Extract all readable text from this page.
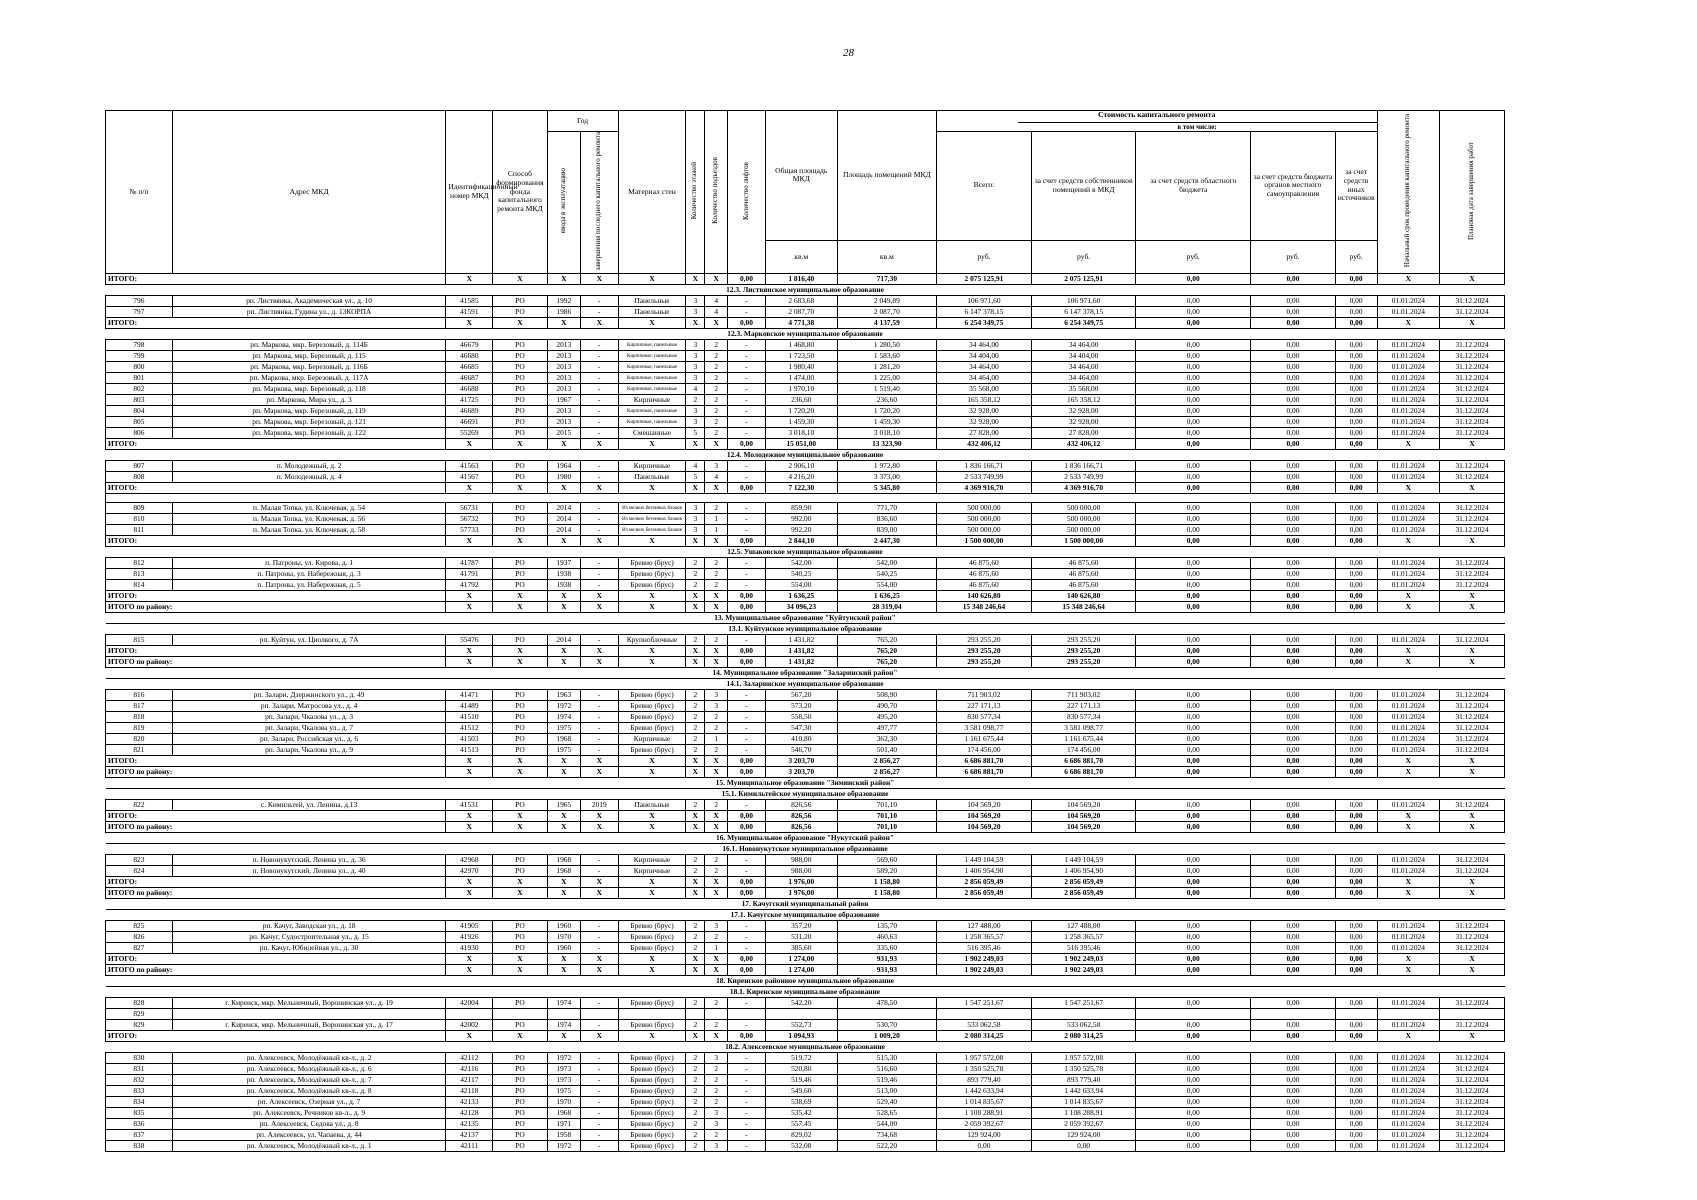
28
№ п/п	Адрес МКД	Идентификационный номер МКД	Способ формирования фонда капитального ремонта МКД	Год		Материал стен	Количество этажей	Количество подъездов	Количество лифтов	Общая площадь МКД	Площадь помещений МКД	Стоимость капитального ремонта
в том числе:					Начальный срок проведения капитального ремонта	Плановая дата завершения работ
				ввода в эксплуатацию	завершения последнего капитального ремонта							Всего:	за счет средств собственников помещений в МКД	за счет средств областного бюджета	за счет средств бюджета органов местного самоуправления	за счет средств иных источников		
										кв.м	кв.м	руб.	руб.	руб.	руб.	руб.		
ИТОГО:		X	X	X	X	X	X	X	0,00	1 816,40	717,30	2 075 125,91	2 075 125,91	0,00	0,00	0,00	X	X
12.3. Листвянское муниципальное образование																		
796	рп. Листвянка, Академическая ул., д. 10	41585	РО	1992	-	Панельные	3	4	-	2 683,68	2 049,89	106 971,60	106 971,60	0,00	0,00	0,00	01.01.2024	31.12.2024
797	рп. Листвянка, Гудина ул., д. 13КОРПА	41591	РО	1986	-	Панельные	3	4	-	2 087,70	2 087,70	6 147 378,15	6 147 378,15	0,00	0,00	0,00	01.01.2024	31.12.2024
ИТОГО:		X	X	X	X	X	X	X	0,00	4 771,38	4 137,59	6 254 349,75	6 254 349,75	0,00	0,00	0,00	X	X
12.3. Марковское муниципальное образование																		
798	рп. Маркова, мкр. Березовый, д. 114Б	46679	РО	2013	-	Кирпичные, панельные	3	2	-	1 468,80	1 280,50	34 464,00	34 464,00	0,00	0,00	0,00	01.01.2024	31.12.2024
799	рп. Маркова, мкр. Березовый, д. 115	46680	РО	2013	-	Кирпичные, панельные	3	2	-	1 723,50	1 583,60	34 404,00	34 404,00	0,00	0,00	0,00	01.01.2024	31.12.2024
800	рп. Маркова, мкр. Березовый, д. 116Б	46685	РО	2013	-	Кирпичные, панельные	3	2	-	1 980,40	1 281,20	34 464,00	34 464,00	0,00	0,00	0,00	01.01.2024	31.12.2024
801	рп. Маркова, мкр. Березовый, д. 117А	46687	РО	2013	-	Кирпичные, панельные	3	2	-	1 474,00	1 225,00	34 464,00	34 464,00	0,00	0,00	0,00	01.01.2024	31.12.2024
802	рп. Маркова, мкр. Березовый, д. 118	46688	РО	2013	-	Кирпичные, панельные	4	2	-	1 970,10	1 519,40	35 568,00	35 568,00	0,00	0,00	0,00	01.01.2024	31.12.2024
803	рп. Маркова, Мира ул., д. 3	41725	РО	1967	-	Кирпичные	2	2	-	236,60	236,60	165 358,12	165 358,12	0,00	0,00	0,00	01.01.2024	31.12.2024
804	рп. Маркова, мкр. Березовый, д. 119	46689	РО	2013	-	Кирпичные, панельные	3	2	-	1 720,20	1 720,20	32 928,00	32 928,00	0,00	0,00	0,00	01.01.2024	31.12.2024
805	рп. Маркова, мкр. Березовый, д. 121	46691	РО	2013	-	Кирпичные, панельные	3	2	-	1 459,30	1 459,30	32 928,00	32 928,00	0,00	0,00	0,00	01.01.2024	31.12.2024
806	рп. Маркова, мкр. Березовый, д. 122	55269	РО	2015	-	Смешанные	5	2	-	3 018,10	3 018,10	27 828,00	27 828,00	0,00	0,00	0,00	01.01.2024	31.12.2024
ИТОГО:		X	X	X	X	X	X	X	0,00	15 051,00	13 323,90	432 406,12	432 406,12	0,00	0,00	0,00	X	X
12.4. Молодежное муниципальное образование																		
807	п. Молодежный, д. 2	41563	РО	1964	-	Кирпичные	4	3	-	2 906,10	1 972,80	1 836 166,71	1 836 166,71	0,00	0,00	0,00	01.01.2024	31.12.2024
808	п. Молодежный, д. 4	41567	РО	1980	-	Панельные	5	4	-	4 216,20	3 373,00	2 533 749,99	2 533 749,99	0,00	0,00	0,00	01.01.2024	31.12.2024
ИТОГО:		X	X	X	X	X	X	X	0,00	7 122,30	5 345,80	4 369 916,70	4 369 916,70	0,00	0,00	0,00	X	X

809	п. Малая Топка, ул. Ключевая, д. 54	56731	РО	2014	-	Из мелких бетонных блоков	3	2	-	859,90	771,70	500 000,00	500 000,00	0,00	0,00	0,00	01.01.2024	31.12.2024
810	п. Малая Топка, ул. Ключевая, д. 56	56732	РО	2014	-	Из мелких бетонных блоков	3	1	-	992,00	836,60	500 000,00	500 000,00	0,00	0,00	0,00	01.01.2024	31.12.2024
811	п. Малая Топка, ул. Ключевая, д. 58	57733	РО	2014	-	Из мелких бетонных блоков	3	1	-	992,20	839,00	500 000,00	500 000,00	0,00	0,00	0,00	01.01.2024	31.12.2024
ИТОГО:		X	X	X	X	X	X	X	0,00	2 844,10	2 447,30	1 500 000,00	1 500 000,00	0,00	0,00	0,00	X	X
12.5. Ушаковское муниципальное образование																		
812	п. Патроны, ул. Кирова, д. 1	41787	РО	1937	-	Бревно (брус)	2	2	-	542,00	542,00	46 875,60	46 875,60	0,00	0,00	0,00	01.01.2024	31.12.2024
813	п. Патроны, ул. Набережная, д. 3	41791	РО	1938	-	Бревно (брус)	2	2	-	540,25	540,25	46 875,60	46 875,60	0,00	0,00	0,00	01.01.2024	31.12.2024
814	п. Патроны, ул. Набережная, д. 5	41792	РО	1938	-	Бревно (брус)	2	2	-	554,00	554,00	46 875,60	46 875,60	0,00	0,00	0,00	01.01.2024	31.12.2024
ИТОГО:		X	X	X	X	X	X	X	0,00	1 636,25	1 636,25	140 626,80	140 626,80	0,00	0,00	0,00	X	X
ИТОГО по району:		X	X	X	X	X	X	X	0,00	34 096,23	28 319,04	15 348 246,64	15 348 246,64	0,00	0,00	0,00	X	X
13. Муниципальное образование "Куйтунский район"																		
13.1. Куйтунское муниципальное образование																		
815	рп. Куйтун, ул. Циолкого, д. 7А	55476	РО	2014	-	Крупноблочные	2	2	-	1 431,82	765,20	293 255,20	293 255,20	0,00	0,00	0,00	01.01.2024	31.12.2024
ИТОГО:		X	X	X	X	X	X	X	0,00	1 431,82	765,20	293 255,20	293 255,20	0,00	0,00	0,00	X	X
ИТОГО по району:		X	X	X	X	X	X	X	0,00	1 431,82	765,20	293 255,20	293 255,20	0,00	0,00	0,00	X	X
14. Муниципальное образование "Заларинский район"																		
14.1. Заларинское муниципальное образование																		
816	рп. Залари, Дзержинского ул., д. 49	41471	РО	1963	-	Бревно (брус)	2	3	-	567,20	508,90	711 903,02	711 903,02	0,00	0,00	0,00	01.01.2024	31.12.2024
817	рп. Залари, Матросова ул., д. 4	41489	РО	1972	-	Бревно (брус)	2	3	-	573,20	490,70	227 171,13	227 171,13	0,00	0,00	0,00	01.01.2024	31.12.2024
818	рп. Залари, Чкалова ул., д. 3	41510	РО	1974	-	Бревно (брус)	2	2	-	558,50	495,20	830 577,34	830 577,34	0,00	0,00	0,00	01.01.2024	31.12.2024
819	рп. Залари, Чкалова ул., д. 7	41512	РО	1975	-	Бревно (брус)	2	2	-	547,30	497,77	3 581 098,77	3 581 098,77	0,00	0,00	0,00	01.01.2024	31.12.2024
820	рп. Залари, Российская ул., д. 6	41503	РО	1968	-	Кирпичные	2	1	-	410,80	362,30	1 161 675,44	1 161 675,44	0,00	0,00	0,00	01.01.2024	31.12.2024
821	рп. Залари, Чкалова ул., д. 9	41513	РО	1975	-	Бревно (брус)	2	2	-	546,70	501,40	174 456,00	174 456,00	0,00	0,00	0,00	01.01.2024	31.12.2024
ИТОГО:		X	X	X	X	X	X	X	0,00	3 203,70	2 856,27	6 686 881,70	6 686 881,70	0,00	0,00	0,00	X	X
ИТОГО по району:		X	X	X	X	X	X	X	0,00	3 203,70	2 856,27	6 686 881,70	6 686 881,70	0,00	0,00	0,00	X	X
15. Муниципальное образование "Зиминский район"																		
15.1. Кимильтейское муниципальное образование																		
822	с. Кимильтей, ул. Ленина, д.13	41531	РО	1965	2019	Панельные	2	2	-	826,56	701,10	104 569,20	104 569,20	0,00	0,00	0,00	01.01.2024	31.12.2024
ИТОГО:		X	X	X	X	X	X	X	0,00	826,56	701,10	104 569,20	104 569,20	0,00	0,00	0,00	X	X
ИТОГО по району:		X	X	X	X	X	X	X	0,00	826,56	701,10	104 569,20	104 569,20	0,00	0,00	0,00	X	X
16. Муниципальное образование "Нукутский район"																		
16.1. Новонукутское муниципальное образование																		
823	п. Новонукутский, Ленина ул., д. 36	42968	РО	1968	-	Кирпичные	2	2	-	988,00	569,60	1 449 104,59	1 449 104,59	0,00	0,00	0,00	01.01.2024	31.12.2024
824	п. Новонукутский, Ленина ул., д. 40	42970	РО	1968	-	Кирпичные	2	2	-	988,00	589,20	1 406 954,90	1 406 954,90	0,00	0,00	0,00	01.01.2024	31.12.2024
ИТОГО:		X	X	X	X	X	X	X	0,00	1 976,00	1 158,80	2 856 059,49	2 856 059,49	0,00	0,00	0,00	X	X
ИТОГО по району:		X	X	X	X	X	X	X	0,00	1 976,00	1 158,80	2 856 059,49	2 856 059,49	0,00	0,00	0,00	X	X
17. Качугский муниципальный район																		
17.1. Качугское муниципальное образование																		
825	рп. Качуг, Заводская ул., д. 18	41905	РО	1960	-	Бревно (брус)	2	3	-	357,20	135,70	127 488,00	127 488,00	0,00	0,00	0,00	01.01.2024	31.12.2024
826	рп. Качуг, Судостроительная ул., д. 15	41926	РО	1970	-	Бревно (брус)	2	2	-	531,20	460,63	1 258 365,57	1 258 365,57	0,00	0,00	0,00	01.01.2024	31.12.2024
827	рп. Качуг, Юбилейная ул., д. 30	41930	РО	1960	-	Бревно (брус)	2	1	-	385,60	335,60	516 395,46	516 395,46	0,00	0,00	0,00	01.01.2024	31.12.2024
ИТОГО:		X	X	X	X	X	X	X	0,00	1 274,00	931,93	1 902 249,03	1 902 249,03	0,00	0,00	0,00	X	X
ИТОГО по району:		X	X	X	X	X	X	X	0,00	1 274,00	931,93	1 902 249,03	1 902 249,03	0,00	0,00	0,00	X	X
18. Киренское районное муниципальное образование																		
18.1. Киренское муниципальное образование																		
828	г. Киренск, мкр. Мельничный, Воронинская ул., д. 19	42004	РО	1974	-	Бревно (брус)	2	2	-	542,20	478,50	1 547 251,67	1 547 251,67	0,00	0,00	0,00	01.01.2024	31.12.2024
829																		
829	г. Киренск, мкр. Мельничный, Воронинская ул., д. 17	42002	РО	1974	-	Бревно (брус)	2	2	-	552,73	530,70	533 062,58	533 062,58	0,00	0,00	0,00	01.01.2024	31.12.2024
ИТОГО:		X	X	X	X	X	X	X	0,00	1 094,93	1 009,20	2 080 314,25	2 080 314,25	0,00	0,00	0,00	X	X
18.2. Алексеевское муниципальное образование																		
830	рп. Алексеевск, Молодёжный кв-л., д. 2	42112	РО	1972	-	Бревно (брус)	2	3	-	519,72	515,30	1 957 572,08	1 957 572,08	0,00	0,00	0,00	01.01.2024	31.12.2024
831	рп. Алексеевск, Молодёжный кв-л., д. 6	42116	РО	1973	-	Бревно (брус)	2	2	-	520,80	516,60	1 350 525,78	1 350 525,78	0,00	0,00	0,00	01.01.2024	31.12.2024
832	рп. Алексеевск, Молодёжный кв-л., д. 7	42117	РО	1973	-	Бревно (брус)	2	2	-	519,46	519,46	893 779,40	893 779,40	0,00	0,00	0,00	01.01.2024	31.12.2024
833	рп. Алексеевск, Молодёжный кв-л., д. 8	42118	РО	1975	-	Бревно (брус)	2	2	-	549,60	513,00	1 442 633,94	1 442 633,94	0,00	0,00	0,00	01.01.2024	31.12.2024
834	рп. Алексеевск, Озерная ул., д. 7	42133	РО	1970	-	Бревно (брус)	2	2	-	538,69	529,40	1 014 835,67	1 014 835,67	0,00	0,00	0,00	01.01.2024	31.12.2024
835	рп. Алексеевск, Речников кв-л., д. 9	42128	РО	1968	-	Бревно (брус)	2	3	-	535,42	528,65	1 108 288,91	1 108 288,91	0,00	0,00	0,00	01.01.2024	31.12.2024
836	рп. Алексеевск, Седова ул., д. 8	42135	РО	1971	-	Бревно (брус)	2	3	-	557,45	544,00	2 059 392,67	2 059 392,67	0,00	0,00	0,00	01.01.2024	31.12.2024
837	рп. Алексеевск, ул. Чапаева, д. 44	42137	РО	1958	-	Бревно (брус)	2	2	-	829,02	734,68	129 924,00	129 924,00	0,00	0,00	0,00	01.01.2024	31.12.2024
838	рп. Алексеевск, Молодёжный кв-л., д. 1	42111	РО	1972	-	Бревно (брус)	2	3	-	532,08	522,20	0,00	0,00	0,00	0,00	0,00	01.01.2024	31.12.2024
